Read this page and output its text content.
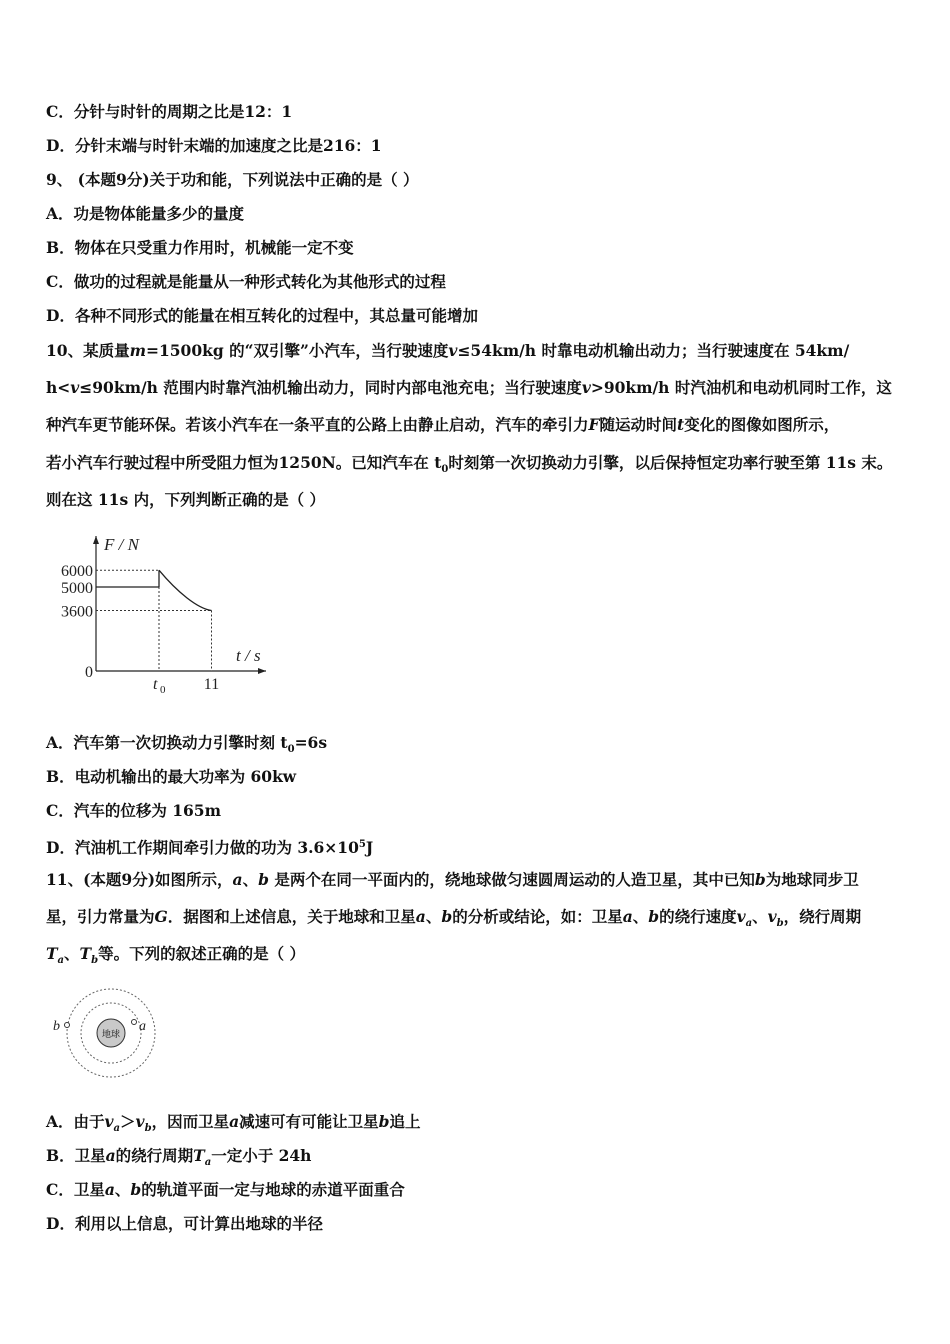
C．分针与时针的周期之比是12：1
D．分针末端与时针末端的加速度之比是216：1
9、 (本题9分)关于功和能，下列说法中正确的是（ ）
A．功是物体能量多少的量度
B．物体在只受重力作用时，机械能一定不变
C．做功的过程就是能量从一种形式转化为其他形式的过程
D．各种不同形式的能量在相互转化的过程中，其总量可能增加
10、某质量m=1500kg 的“双引擎”小汽车，当行驶速度v≤54km/h 时靠电动机输出动力；当行驶速度在 54km/
h<v≤90km/h 范围内时靠汽油机输出动力，同时内部电池充电；当行驶速度v>90km/h 时汽油机和电动机同时工作，这
种汽车更节能环保。若该小汽车在一条平直的公路上由静止启动，汽车的牵引力F随运动时间t变化的图像如图所示，
若小汽车行驶过程中所受阻力恒为1250N。已知汽车在 $t_0$时刻第一次切换动力引擎，以后保持恒定功率行驶至第 11s 末。
则在这 11s 内，下列判断正确的是（ ）
F / N
t / s
6000
5000
3600
0
t 0 11
A．汽车第一次切换动力引擎时刻 $t_0=6s$
B．电动机输出的最大功率为 60kw
C．汽车的位移为 165m
D．汽油机工作期间牵引力做的功为 $3.6\times 10^5J$
11、(本题9分)如图所示，a、b 是两个在同一平面内的，绕地球做匀速圆周运动的人造卫星，其中已知b为地球同步卫
星，引力常量为G．据图和上述信息，关于地球和卫星a、b的分析或结论，如：卫星a、b的绕行速度$v_a$、$v_b$，绕行周期
$T_a$、$T_b$等。下列的叙述正确的是（ ）
地球 a
b
A．由于$v_a>v_b$，因而卫星a减速可有可能让卫星b追上
B．卫星a的绕行周期$T_a$一定小于 24h
C．卫星a、b的轨道平面一定与地球的赤道平面重合
D．利用以上信息，可计算出地球的半径
